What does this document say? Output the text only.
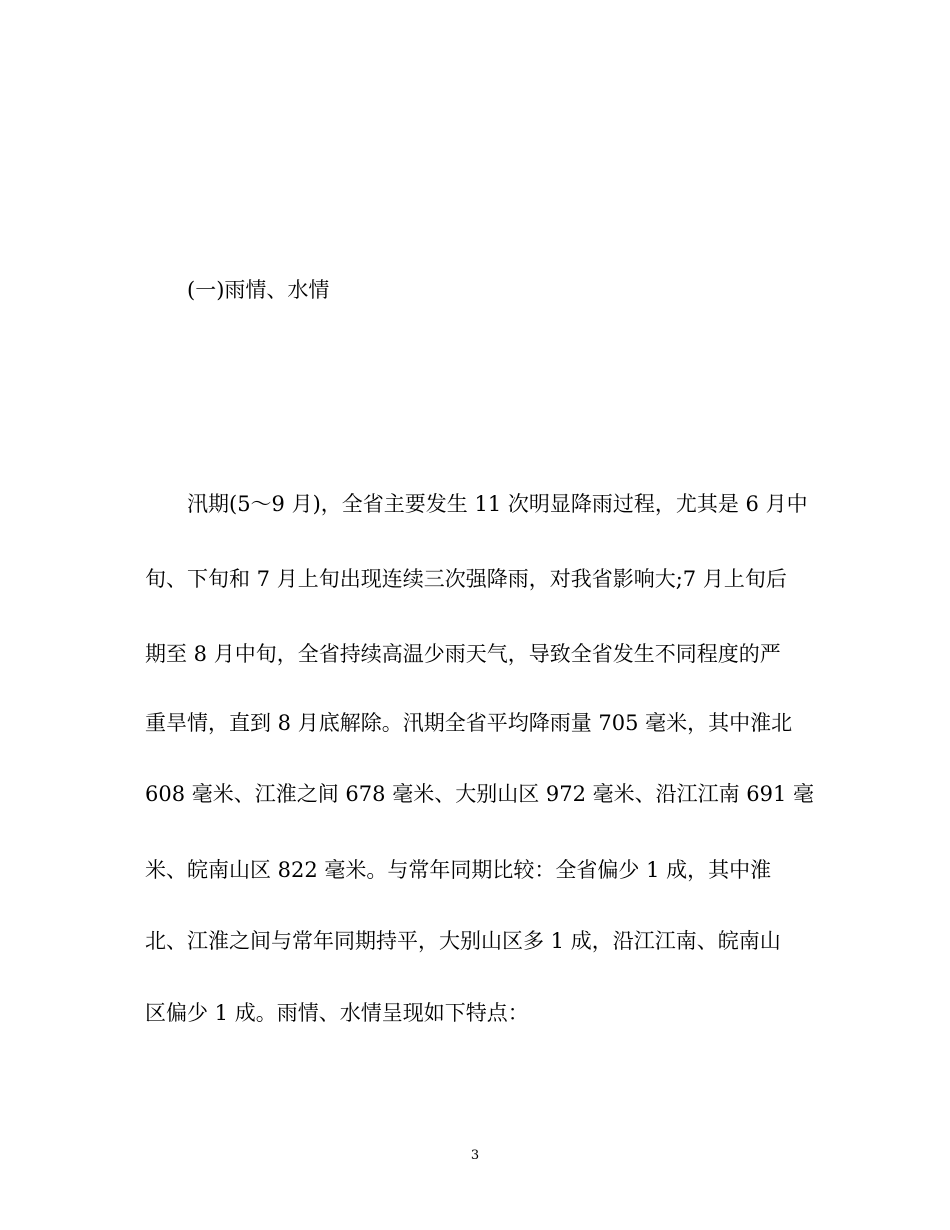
(一)雨情、水情
汛期(5～9 月)，全省主要发生 11 次明显降雨过程，尤其是 6 月中
旬、下旬和 7 月上旬出现连续三次强降雨，对我省影响大;7 月上旬后
期至 8 月中旬，全省持续高温少雨天气，导致全省发生不同程度的严
重旱情，直到 8 月底解除。汛期全省平均降雨量 705 毫米，其中淮北
608 毫米、江淮之间 678 毫米、大别山区 972 毫米、沿江江南 691 毫
米、皖南山区 822 毫米。与常年同期比较：全省偏少 1 成，其中淮
北、江淮之间与常年同期持平，大别山区多 1 成，沿江江南、皖南山
区偏少 1 成。雨情、水情呈现如下特点：
3
